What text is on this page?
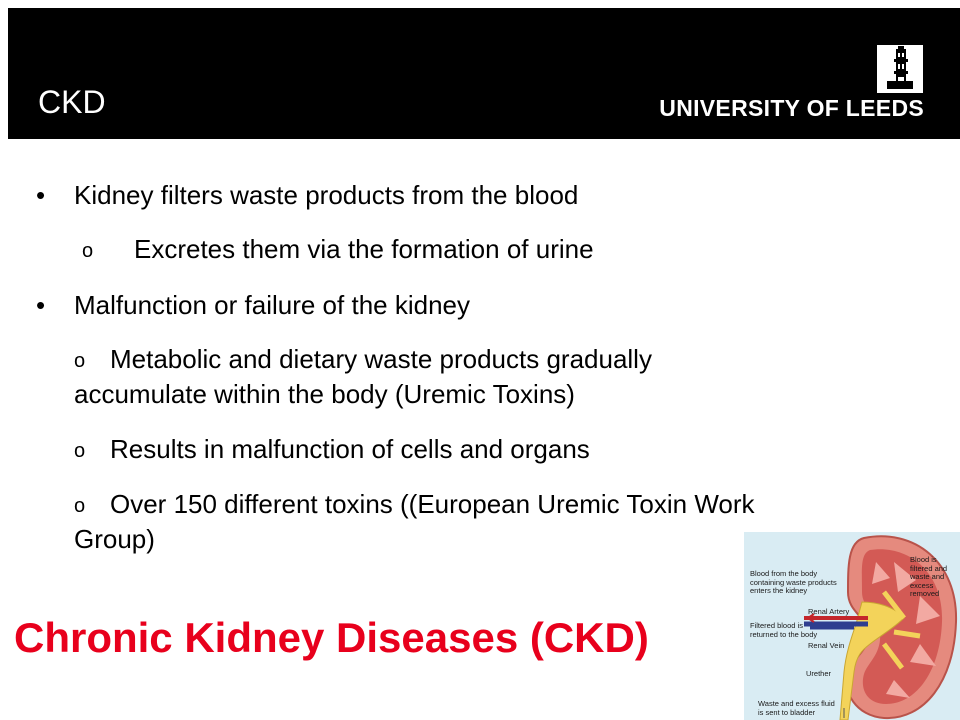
CKD	UNIVERSITY OF LEEDS
• Kidney filters waste products from the blood
o Excretes them via the formation of urine
• Malfunction or failure of the kidney
o Metabolic and dietary waste products gradually
accumulate within the body (Uremic Toxins)
o Results in malfunction of cells and organs
o Over 150 different toxins ((European Uremic Toxin Work
Group)
Chronic Kidney Diseases (CKD)
Blood from the body containing waste products enters the kidney
Blood is filtered and waste and excess removed
Renal Artery
Filtered blood is returned to the body
Renal Vein
Urether
Waste and excess fluid is sent to bladder
